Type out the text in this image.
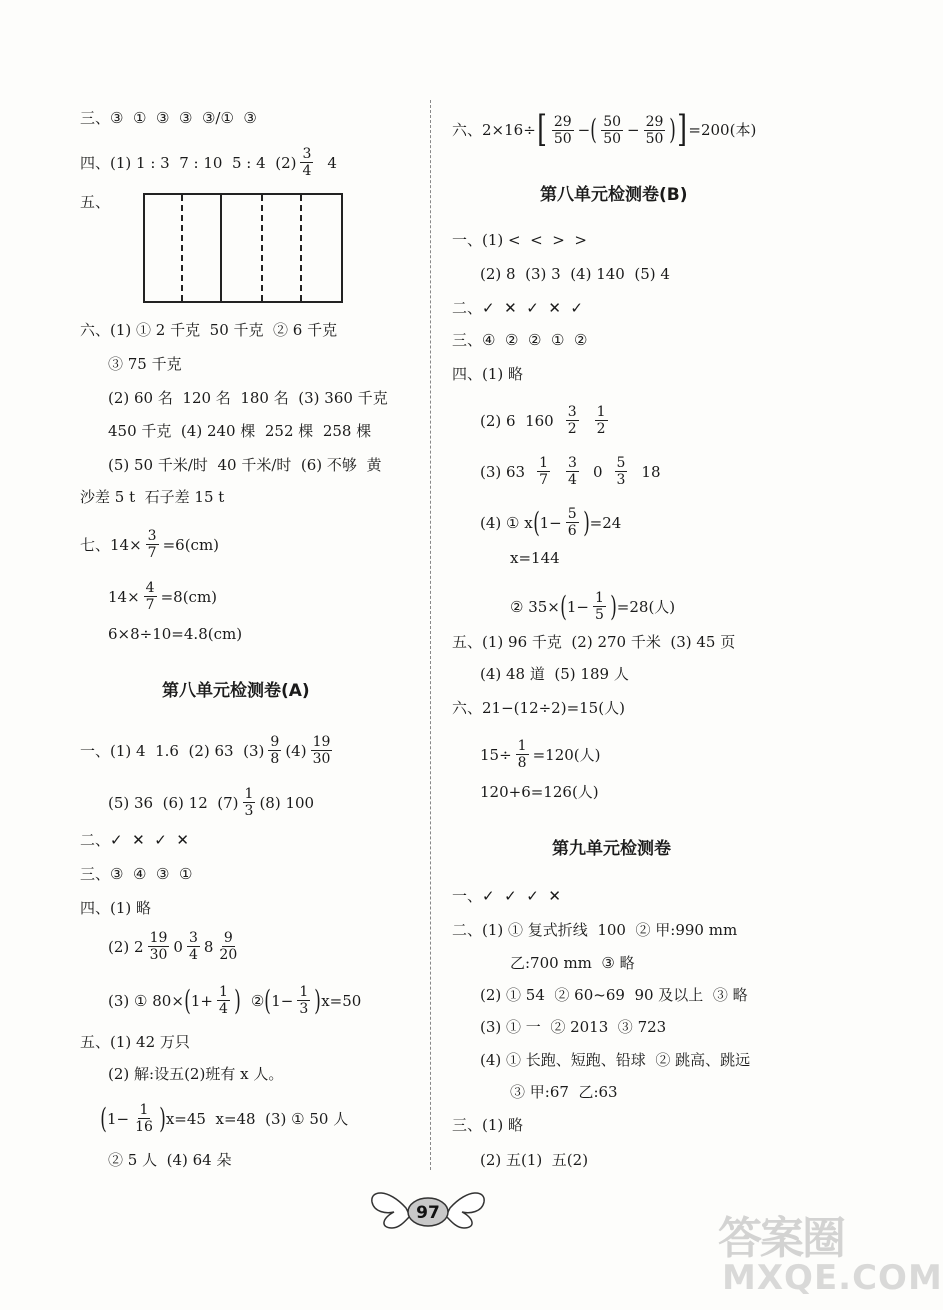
三、 ③  ①  ③  ③  ③/①  ③
四、 (1) 1 : 3  7 : 10  5 : 4  $(2) \frac{3}{4} 4$
五、
六、 (1) ① 2 千克  50 千克  ② 6 千克
③ 75 千克
(2) 60 名  120 名  180 名  (3) 360 千克
450 千克  (4) 240 棵  252 棵  258 棵
(5) 50 千米/时  40 千米/时  (6) 不够  黄
沙差 5 t  石子差 15 t
七、 $14\times \frac{3}{7} =6(cm)$
$14\times \frac{4}{7} =8(cm)$
6×8÷10=4.8(cm)
第八单元检测卷(A)
一、 (1) 4  1.6  (2) 63  $(3) \frac{9}{8} (4) \frac{19}{30}$
(5) 36  (6) 12  $(7) \frac{1}{3} (8)$ 100
二、 ✓  ✕  ✓  ✕
三、 ③  ④  ③  ①
四、 (1) 略
(2) $2 \frac{19}{30} 0 \frac{3}{4} 8 \frac{9}{20}$
(3) ① 80× ( $1+ \frac{1}{4}$ ) ② ( $1- \frac{1}{3}$ ) x=50
五、 (1) 42 万只
(2) 解:设五(2)班有 x 人。
( $1- \frac{1}{16}$ ) x=45  x=48  (3) ① 50 人
② 5 人  (4) 64 朵
六、 2×16÷ [ $\frac{29}{50}$ − ( $\frac{50}{50} - \frac{29}{50}$ ) ] =200(本)
第八单元检测卷(B)
一、 (1) <  <  >  >
(2) 8  (3) 3  (4) 140  (5) 4
二、 ✓  ✕  ✓  ✕  ✓
三、 ④  ②  ②  ①  ②
四、 (1) 略
(2) 6  $160 \frac{3}{2} \frac{1}{2}$
(3) $63 \frac{1}{7} \frac{3}{4} 0 \frac{5}{3} 18$
(4) ① x ( $1- \frac{5}{6}$ ) =24
x=144
② 35× ( $1- \frac{1}{5}$ ) =28(人)
五、 (1) 96 千克  (2) 270 千米  (3) 45 页
(4) 48 道  (5) 189 人
六、 21−(12÷2)=15(人)
$15\div \frac{1}{8} =120$(人)
120+6=126(人)
第九单元检测卷
一、 ✓  ✓  ✓  ✕
二、 (1) ① 复式折线  100  ② 甲:990 mm
乙:700 mm  ③ 略
(2) ① 54  ② 60~69  90 及以上  ③ 略
(3) ① 一  ② 2013  ③ 723
(4) ① 长跑、短跑、铅球  ② 跳高、跳远
③ 甲:67  乙:63
三、 (1) 略
(2) 五(1)  五(2)
97	答案圈
MXQE.COM
